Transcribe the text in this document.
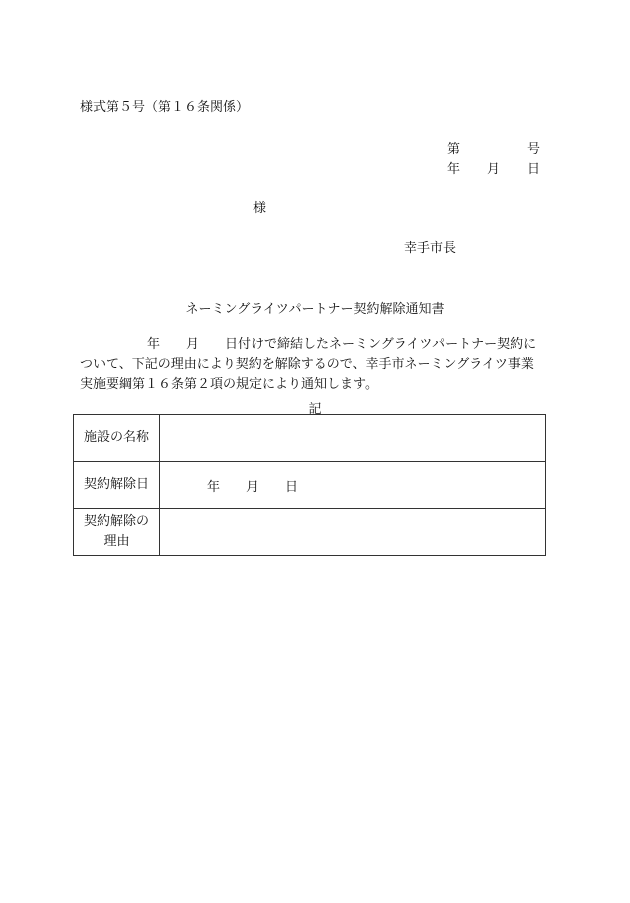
様式第５号（第１６条関係）
第	号
年 月 日
様
幸手市長
ネーミングライツパートナー契約解除通知書
年 月 日付けで締結したネーミングライツパートナー契約に
ついて、下記の理由により契約を解除するので、幸手市ネーミングライツ事業
実施要綱第１６条第２項の規定により通知します。
記
施設の名称	
契約解除日	年 月 日
契約解除の
理由	
